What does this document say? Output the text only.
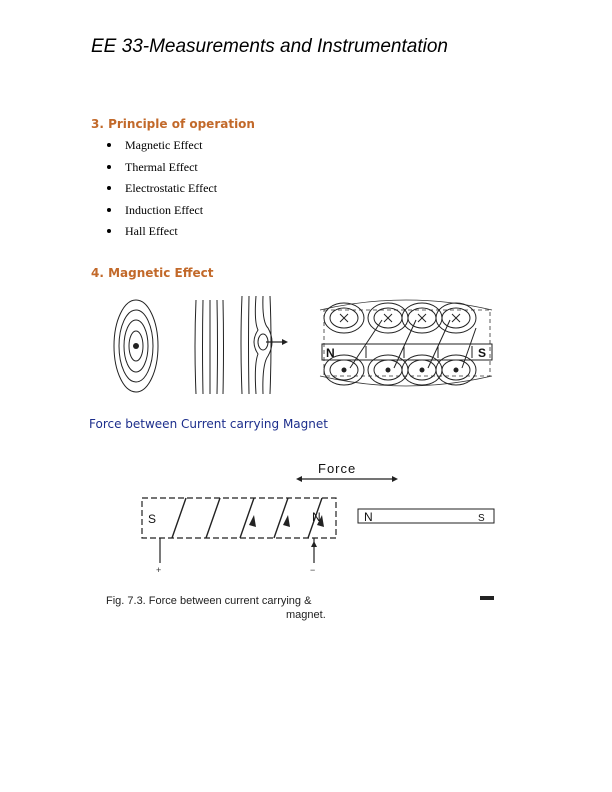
EE 33-Measurements and Instrumentation
3. Principle of operation
Magnetic Effect
Thermal Effect
Electrostatic Effect
Induction Effect
Hall Effect
4. Magnetic Effect
N	S
Force between Current carrying Magnet
Force
S	N
+	−
N	S
Fig. 7.3. Force between current carrying &
magnet.
